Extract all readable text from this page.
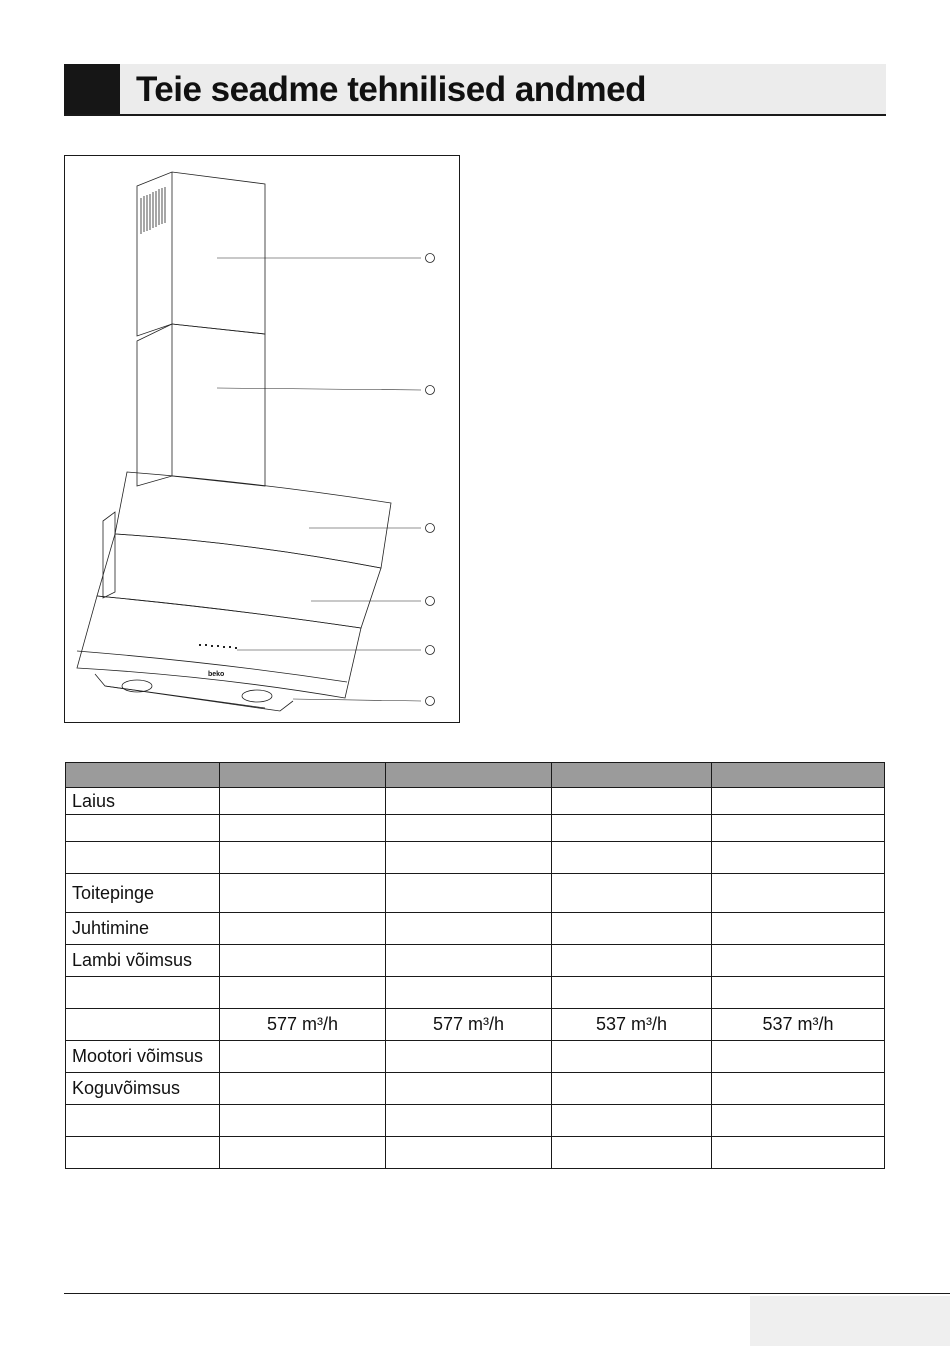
Teie seadme tehnilised andmed
beko

Laius				

Toitepinge				
Juhtimine				
Lambi võimsus				

	577 m³/h	577 m³/h	537 m³/h	537 m³/h
Mootori võimsus				
Koguvõimsus				
